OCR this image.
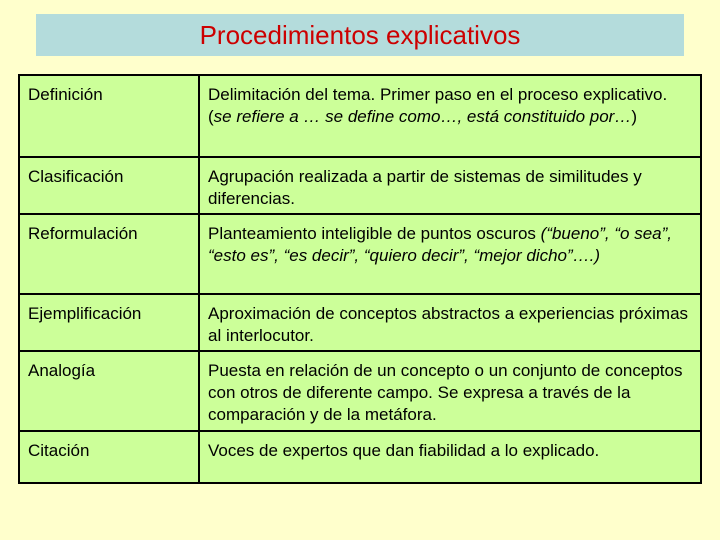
Procedimientos explicativos
Definición	Delimitación del tema. Primer paso en el proceso explicativo. (se refiere a … se define como…, está constituido por…)
Clasificación	Agrupación realizada a partir de sistemas de similitudes y diferencias.
Reformulación	Planteamiento inteligible de puntos oscuros (“bueno”, “o sea”, “esto es”, “es decir”, “quiero decir”, “mejor dicho”….)
Ejemplificación	Aproximación de conceptos abstractos a experiencias próximas al interlocutor.
Analogía	Puesta en relación de un concepto o un conjunto de conceptos con otros de diferente campo. Se expresa a través de la comparación y de la metáfora.
Citación	Voces de expertos que dan fiabilidad a lo explicado.
